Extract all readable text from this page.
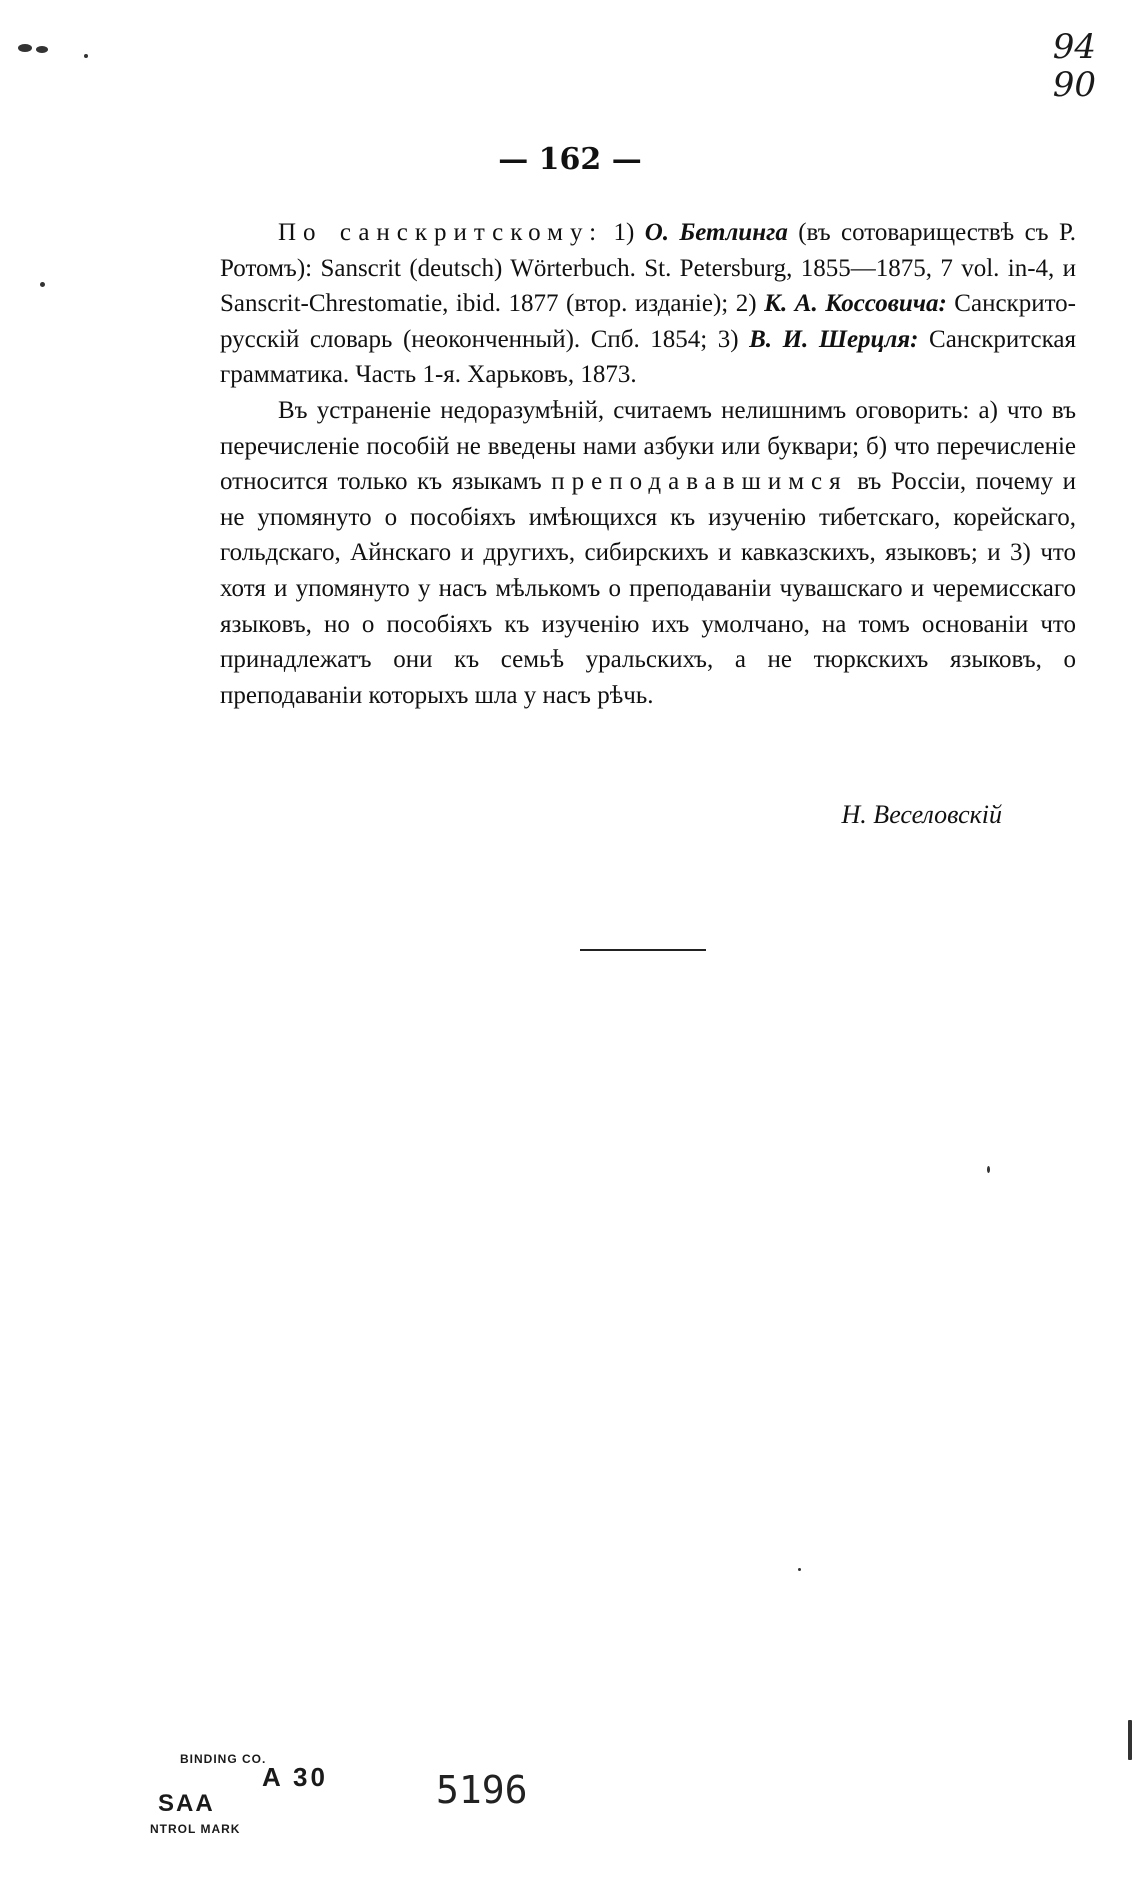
94
90
— 162 —

По санскритскому: 1) О. Бетлинга (въ сотовариществѣ съ Р. Ротомъ): Sanscrit (deutsch) Wörterbuch. St. Petersburg, 1855—1875, 7 vol. in-4, и Sanscrit-Chrestomatie, ibid. 1877 (втор. изданіе); 2) К. А. Коссовича: Санскрито-русскій словарь (неоконченный). Спб. 1854; 3) В. И. Шерцля: Санскритская грамматика. Часть 1-я. Харьковъ, 1873.

Въ устраненіе недоразумѣній, считаемъ нелишнимъ оговорить: а) что въ перечисленіе пособій не введены нами азбуки или буквари; б) что перечисленіе относится только къ языкамъ преподававшимся въ Россіи, почему и не упомянуто о пособіяхъ имѣющихся къ изученію тибетскаго, корейскаго, гольдскаго, Айнскаго и другихъ, сибирскихъ и кавказскихъ, языковъ; и 3) что хотя и упомянуто у насъ мѣлькомъ о преподаваніи чувашскаго и черемисскаго языковъ, но о пособіяхъ къ изученію ихъ умолчано, на томъ основаніи что принадлежатъ они къ семьѣ уральскихъ, а не тюркскихъ языковъ, о преподаваніи которыхъ шла у насъ рѣчь.

Н. Веселовскій
BINDING CO.
A 30
SAA
NTROL MARK
5196
